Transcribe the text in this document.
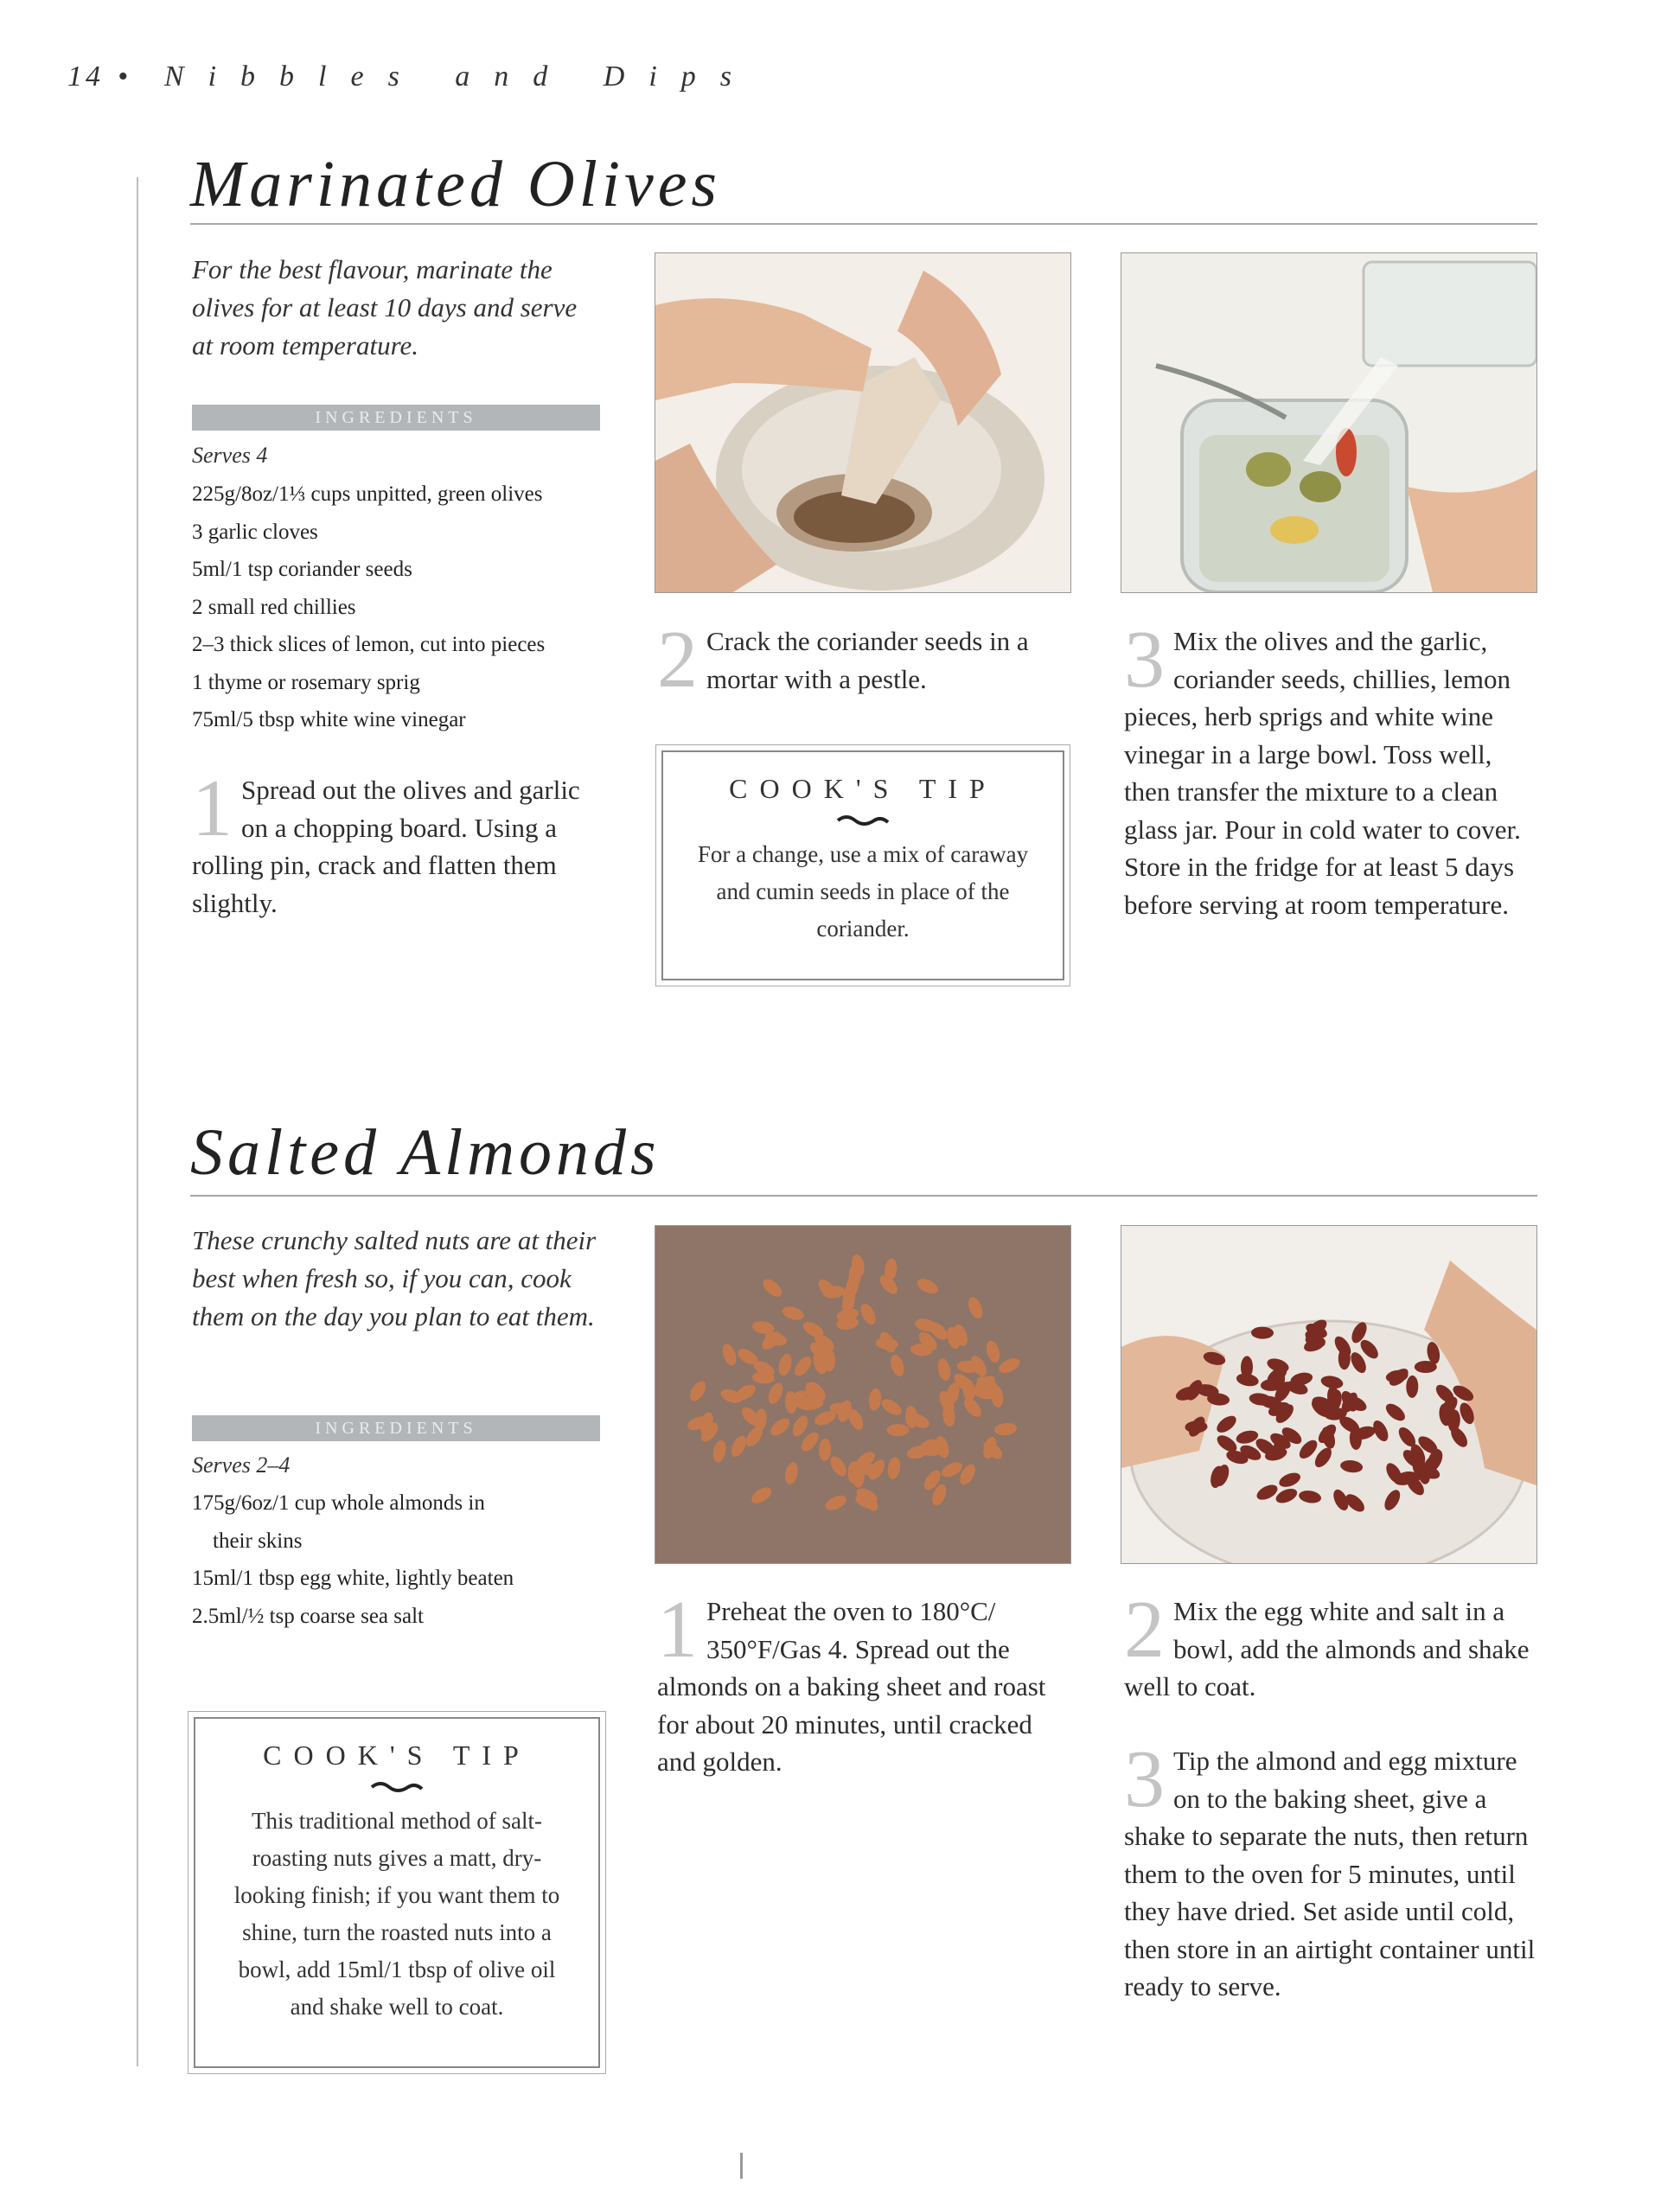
14 • Nibbles and Dips
Marinated Olives
For the best flavour, marinate the olives for at least 10 days and serve at room temperature.
INGREDIENTS
Serves 4
225g/8oz/1⅓ cups unpitted, green olives
3 garlic cloves
5ml/1 tsp coriander seeds
2 small red chillies
2–3 thick slices of lemon, cut into pieces
1 thyme or rosemary sprig
75ml/5 tbsp white wine vinegar
1 Spread out the olives and garlic on a chopping board. Using a rolling pin, crack and flatten them slightly.
2 Crack the coriander seeds in a mortar with a pestle.	3 Mix the olives and the garlic, coriander seeds, chillies, lemon pieces, herb sprigs and white wine vinegar in a large bowl. Toss well, then transfer the mixture to a clean glass jar. Pour in cold water to cover. Store in the fridge for at least 5 days before serving at room temperature.
COOK'S TIP
For a change, use a mix of caraway and cumin seeds in place of the coriander.
Salted Almonds
These crunchy salted nuts are at their best when fresh so, if you can, cook them on the day you plan to eat them.
INGREDIENTS
Serves 2–4
175g/6oz/1 cup whole almonds in
their skins
15ml/1 tbsp egg white, lightly beaten
2.5ml/½ tsp coarse sea salt
COOK'S TIP
This traditional method of salt-roasting nuts gives a matt, dry-looking finish; if you want them to shine, turn the roasted nuts into a bowl, add 15ml/1 tbsp of olive oil and shake well to coat.
1 Preheat the oven to 180°C/ 350°F/Gas 4. Spread out the almonds on a baking sheet and roast for about 20 minutes, until cracked and golden.
2 Mix the egg white and salt in a bowl, add the almonds and shake well to coat.
3 Tip the almond and egg mixture on to the baking sheet, give a shake to separate the nuts, then return them to the oven for 5 minutes, until they have dried. Set aside until cold, then store in an airtight container until ready to serve.
